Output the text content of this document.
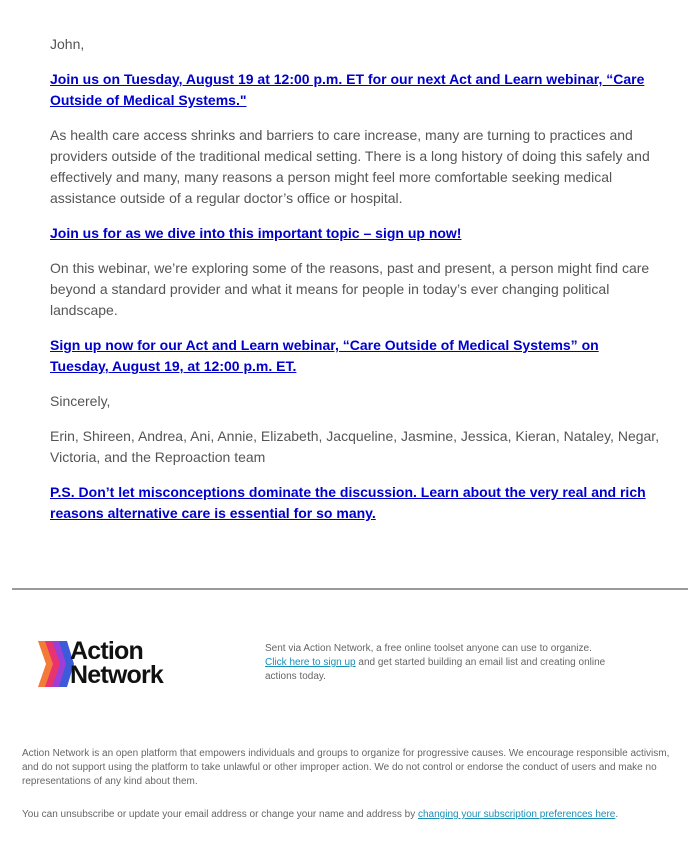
John,

Join us on Tuesday, August 19 at 12:00 p.m. ET for our next Act and Learn webinar, “Care Outside of Medical Systems."

As health care access shrinks and barriers to care increase, many are turning to practices and providers outside of the traditional medical setting. There is a long history of doing this safely and effectively and many, many reasons a person might feel more comfortable seeking medical assistance outside of a regular doctor’s office or hospital.

Join us for as we dive into this important topic – sign up now!

On this webinar, we’re exploring some of the reasons, past and present, a person might find care beyond a standard provider and what it means for people in today’s ever changing political landscape.

Sign up now for our Act and Learn webinar, “Care Outside of Medical Systems” on Tuesday, August 19, at 12:00 p.m. ET.

Sincerely,

Erin, Shireen, Andrea, Ani, Annie, Elizabeth, Jacqueline, Jasmine, Jessica, Kieran, Nataley, Negar, Victoria, and the Reproaction team

P.S. Don’t let misconceptions dominate the discussion. Learn about the very real and rich reasons alternative care is essential for so many.

Action
Network
Sent via Action Network, a free online toolset anyone can use to organize.
Click here to sign up and get started building an email list and creating online actions today.
Action Network is an open platform that empowers individuals and groups to organize for progressive causes. We encourage responsible activism, and do not support using the platform to take unlawful or other improper action. We do not control or endorse the conduct of users and make no representations of any kind about them.
You can unsubscribe or update your email address or change your name and address by changing your subscription preferences here.
